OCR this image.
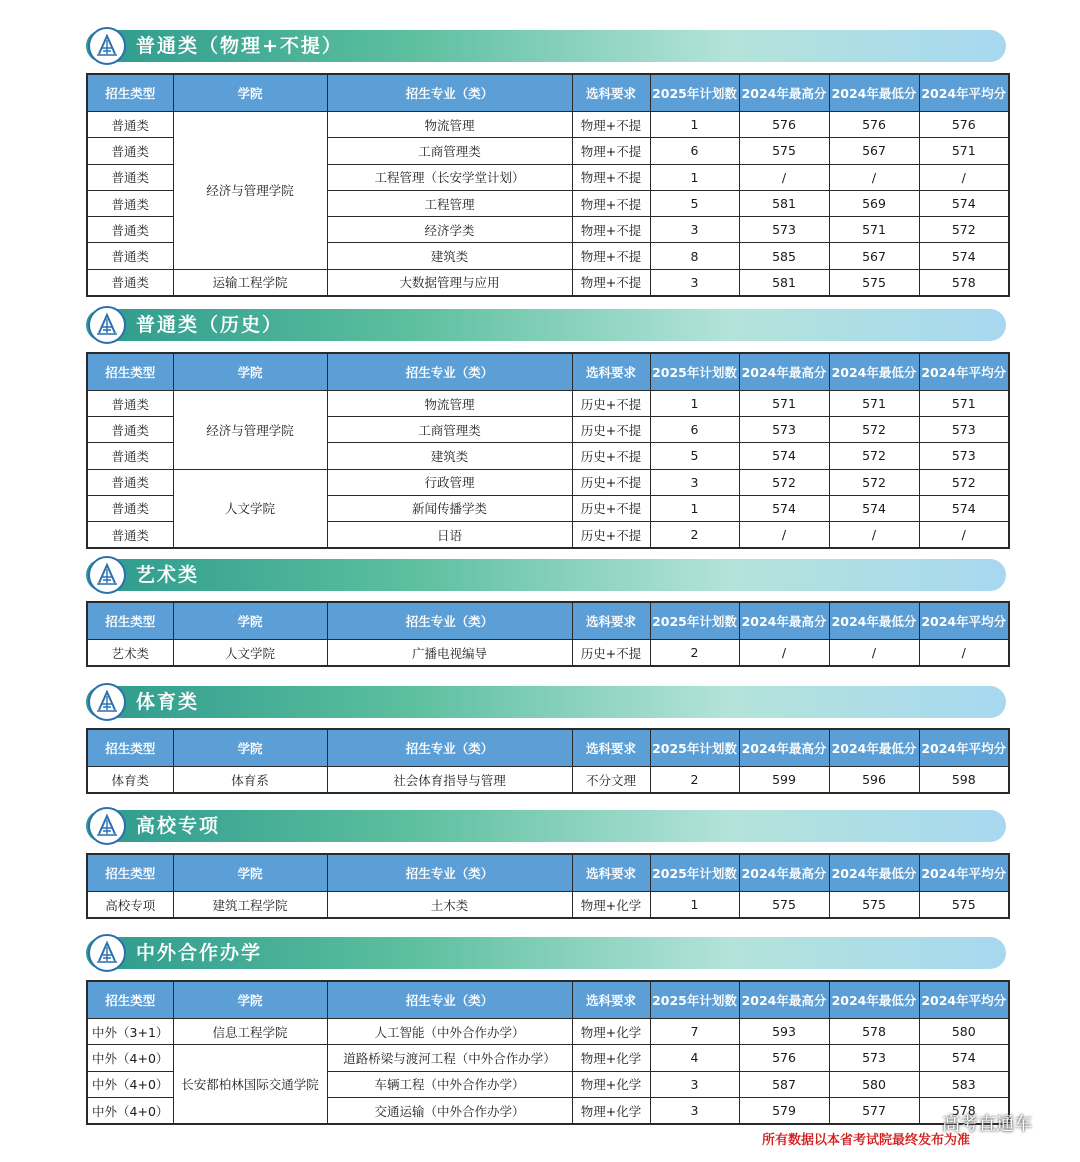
普通类（物理+不提）
招生类型	学院	招生专业（类）	选科要求	2025年计划数	2024年最高分	2024年最低分	2024年平均分
普通类	经济与管理学院	物流管理	物理+不提	1	576	576	576
普通类		工商管理类	物理+不提	6	575	567	571
普通类		工程管理（长安学堂计划）	物理+不提	1	/	/	/
普通类		工程管理	物理+不提	5	581	569	574
普通类		经济学类	物理+不提	3	573	571	572
普通类		建筑类	物理+不提	8	585	567	574
普通类	运输工程学院	大数据管理与应用	物理+不提	3	581	575	578
普通类（历史）
招生类型	学院	招生专业（类）	选科要求	2025年计划数	2024年最高分	2024年最低分	2024年平均分
普通类	经济与管理学院	物流管理	历史+不提	1	571	571	571
普通类		工商管理类	历史+不提	6	573	572	573
普通类		建筑类	历史+不提	5	574	572	573
普通类	人文学院	行政管理	历史+不提	3	572	572	572
普通类		新闻传播学类	历史+不提	1	574	574	574
普通类		日语	历史+不提	2	/	/	/
艺术类
招生类型	学院	招生专业（类）	选科要求	2025年计划数	2024年最高分	2024年最低分	2024年平均分
艺术类	人文学院	广播电视编导	历史+不提	2	/	/	/
体育类
招生类型	学院	招生专业（类）	选科要求	2025年计划数	2024年最高分	2024年最低分	2024年平均分
体育类	体育系	社会体育指导与管理	不分文理	2	599	596	598
高校专项
招生类型	学院	招生专业（类）	选科要求	2025年计划数	2024年最高分	2024年最低分	2024年平均分
高校专项	建筑工程学院	土木类	物理+化学	1	575	575	575
中外合作办学
招生类型	学院	招生专业（类）	选科要求	2025年计划数	2024年最高分	2024年最低分	2024年平均分
中外（3+1）	信息工程学院	人工智能（中外合作办学）	物理+化学	7	593	578	580
中外（4+0）	长安都柏林国际交通学院	道路桥梁与渡河工程（中外合作办学）	物理+化学	4	576	573	574
中外（4+0）		车辆工程（中外合作办学）	物理+化学	3	587	580	583
中外（4+0）		交通运输（中外合作办学）	物理+化学	3	579	577	578
所有数据以本省考试院最终发布为准
高考直通车
